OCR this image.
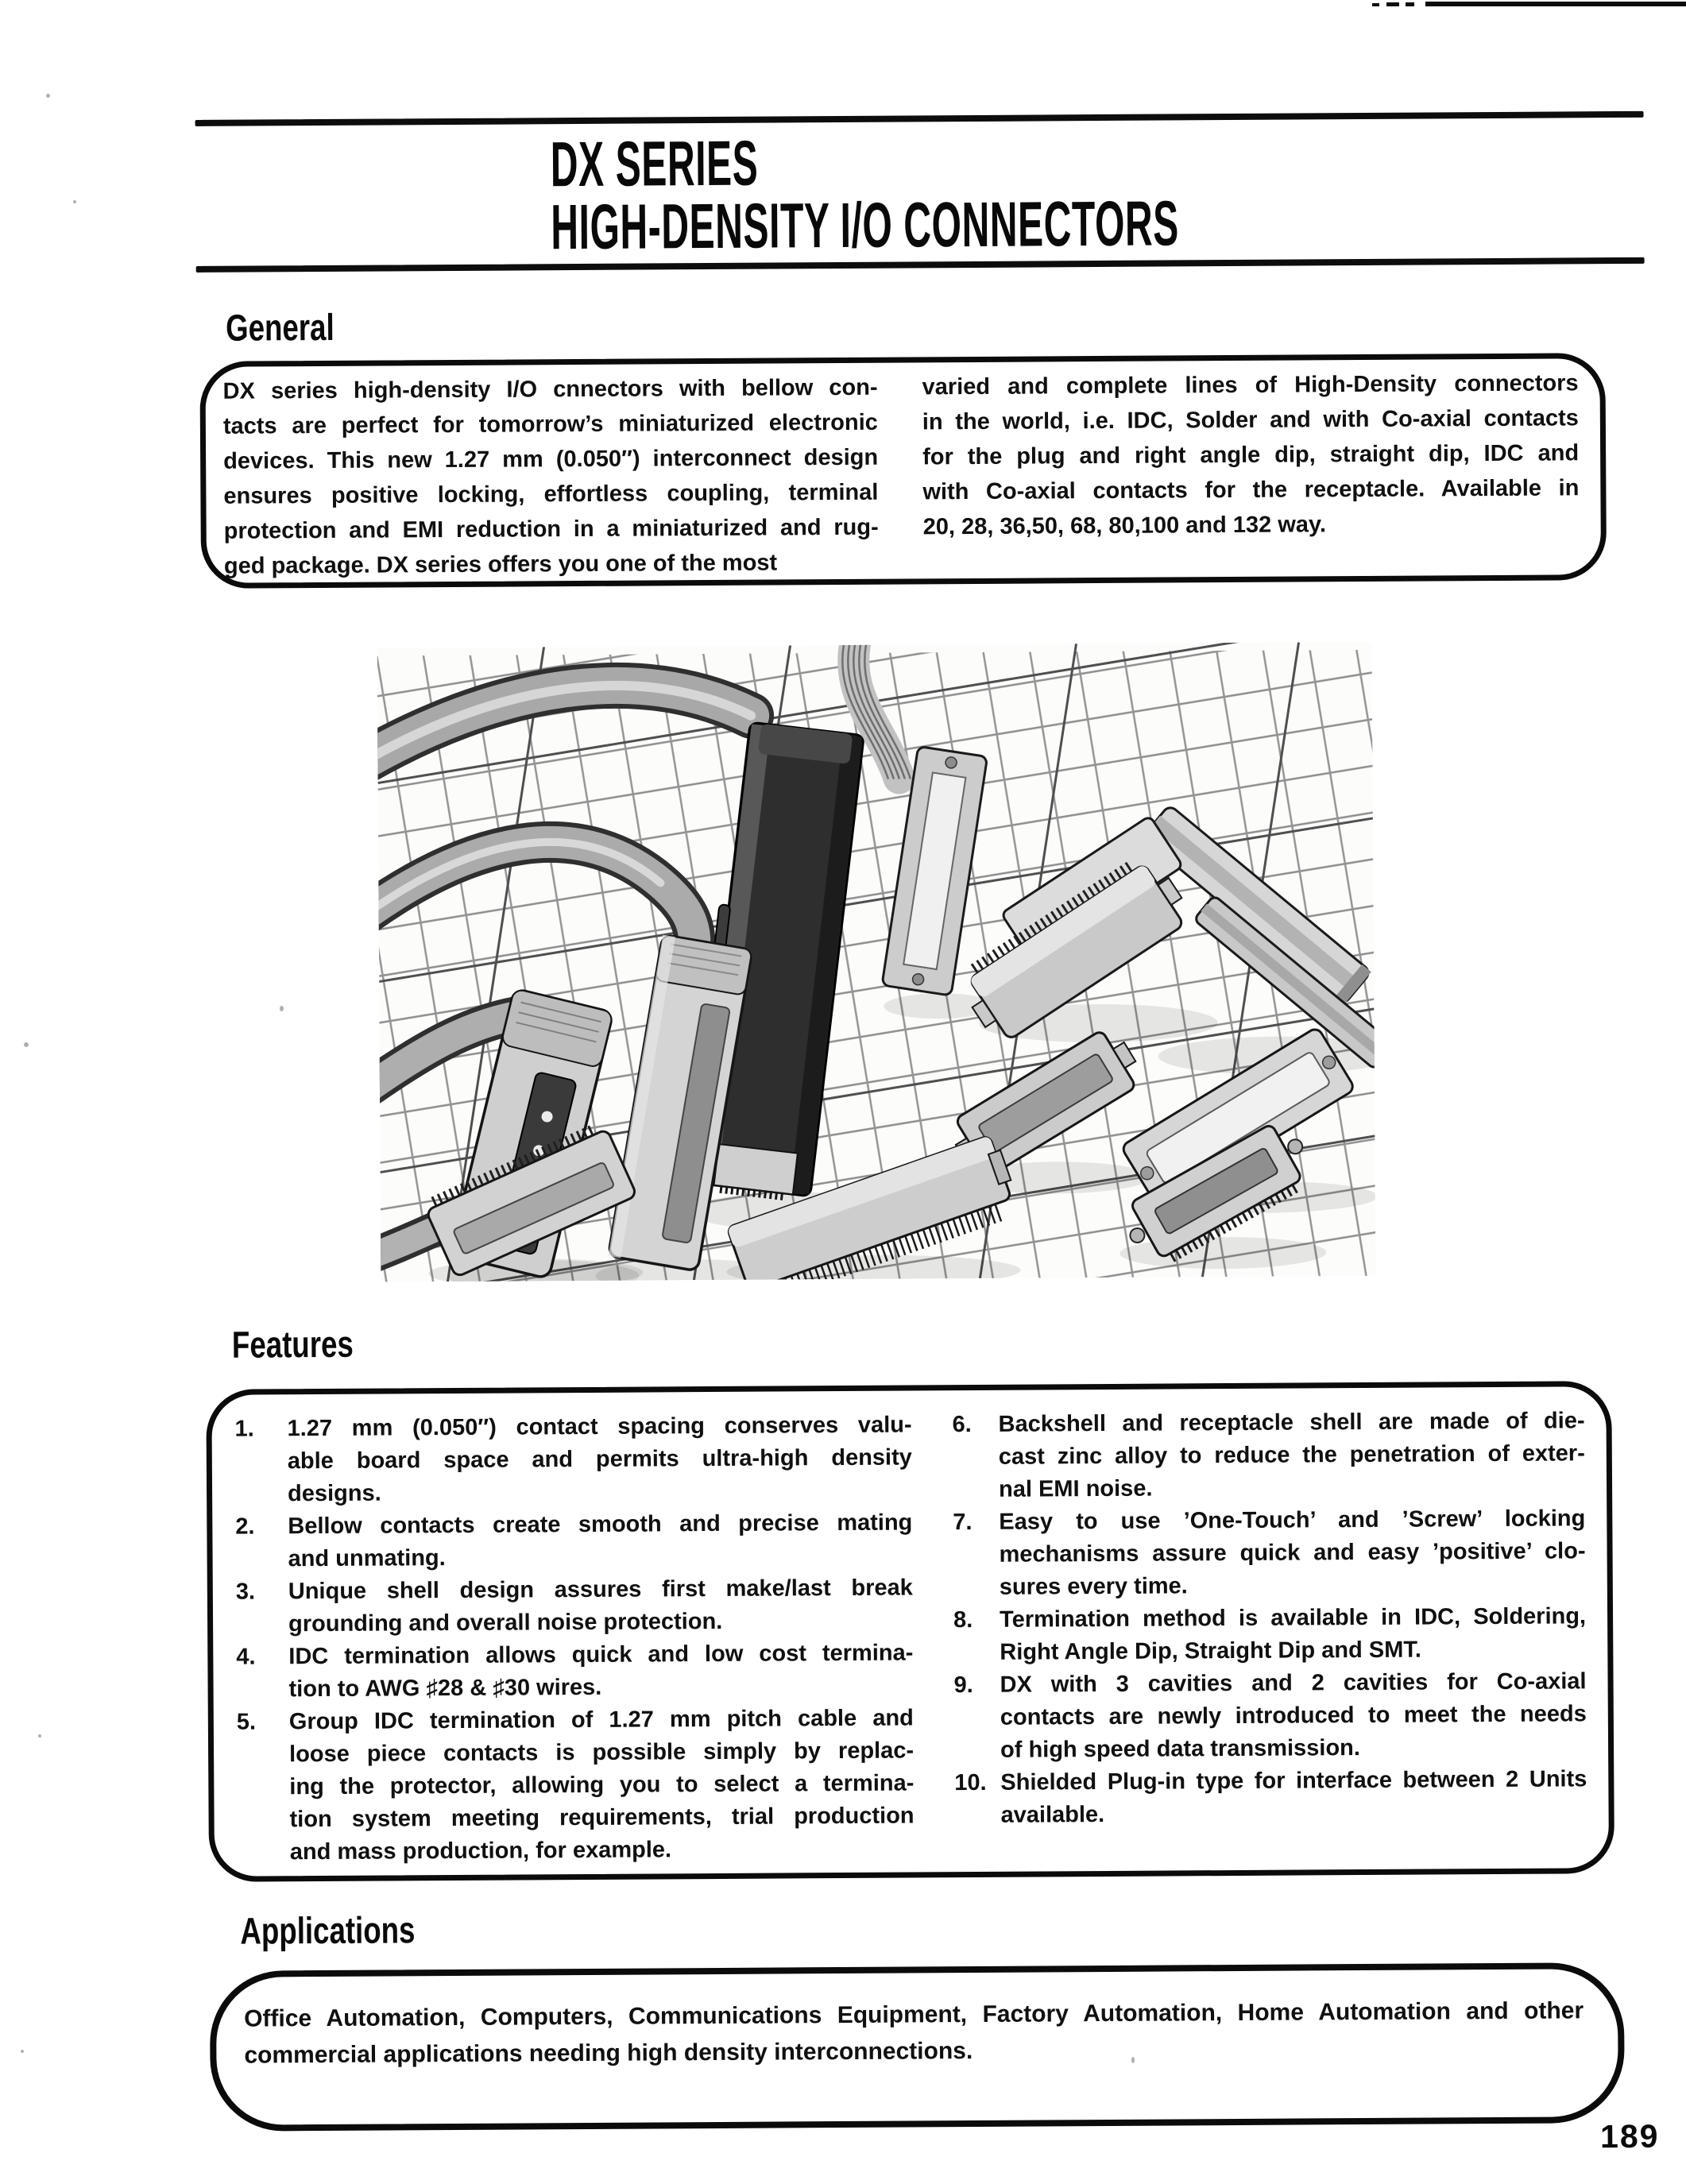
DX SERIES
HIGH-DENSITY I/O CONNECTORS
General
DX series high-density I/O cnnectors with bellow con-
tacts are perfect for tomorrow’s miniaturized electronic
devices. This new 1.27 mm (0.050″) interconnect design
ensures positive locking, effortless coupling, terminal
protection and EMI reduction in a miniaturized and rug-
ged package. DX series offers you one of the most
varied and complete lines of High-Density connectors
in the world, i.e. IDC, Solder and with Co-axial contacts
for the plug and right angle dip, straight dip, IDC and
with Co-axial contacts for the receptacle. Available in
20, 28, 36,50, 68, 80,100 and 132 way.
Features
1.	1.27 mm (0.050″) contact spacing conserves valu-
able board space and permits ultra-high density
designs.
2.	Bellow contacts create smooth and precise mating
and unmating.
3.	Unique shell design assures first make/last break
grounding and overall noise protection.
4.	IDC termination allows quick and low cost termina-
tion to AWG ♯28 & ♯30 wires.
5.	Group IDC termination of 1.27 mm pitch cable and
loose piece contacts is possible simply by replac-
ing the protector, allowing you to select a termina-
tion system meeting requirements, trial production
and mass production, for example.
6.	Backshell and receptacle shell are made of die-
cast zinc alloy to reduce the penetration of exter-
nal EMI noise.
7.	Easy to use ’One-Touch’ and ’Screw’ locking
mechanisms assure quick and easy ’positive’ clo-
sures every time.
8.	Termination method is available in IDC, Soldering,
Right Angle Dip, Straight Dip and SMT.
9.	DX with 3 cavities and 2 cavities for Co-axial
contacts are newly introduced to meet the needs
of high speed data transmission.
10. Shielded Plug-in type for interface between 2 Units
available.
Applications
Office Automation, Computers, Communications Equipment, Factory Automation, Home Automation and other
commercial applications needing high density interconnections.
189
